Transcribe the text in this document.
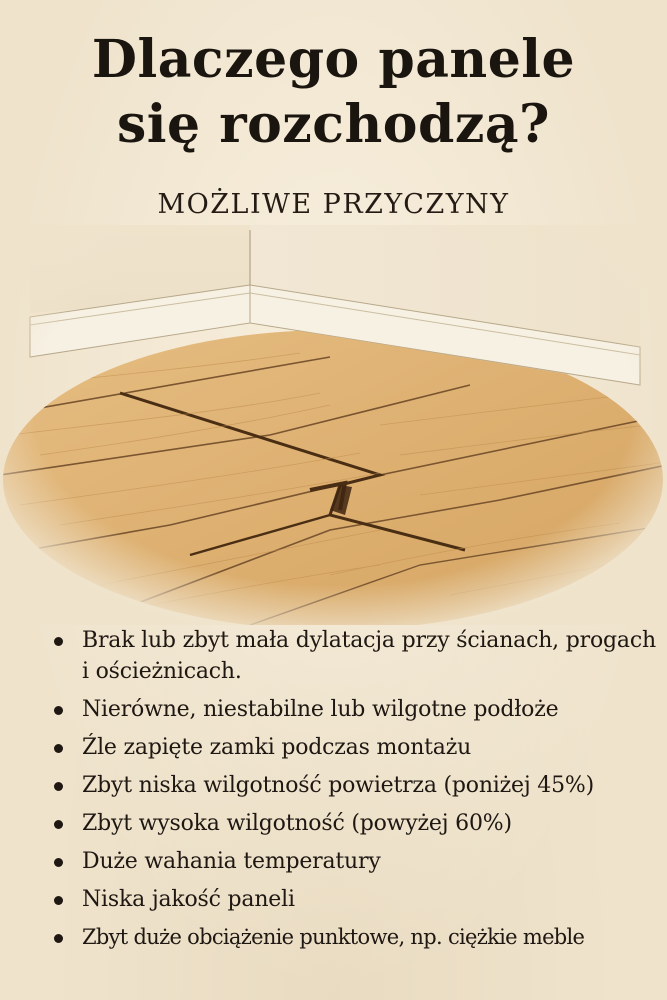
Dlaczego panele
się rozchodzą?
MOŻLIWE PRZYCZYNY
Brak lub zbyt mała dylatacja przy ścianach, progach i ościeżnicach.
Nierówne, niestabilne lub wilgotne podłoże
Źle zapięte zamki podczas montażu
Zbyt niska wilgotność powietrza (poniżej 45%)
Zbyt wysoka wilgotność (powyżej 60%)
Duże wahania temperatury
Niska jakość paneli
Zbyt duże obciążenie punktowe, np. ciężkie meble
